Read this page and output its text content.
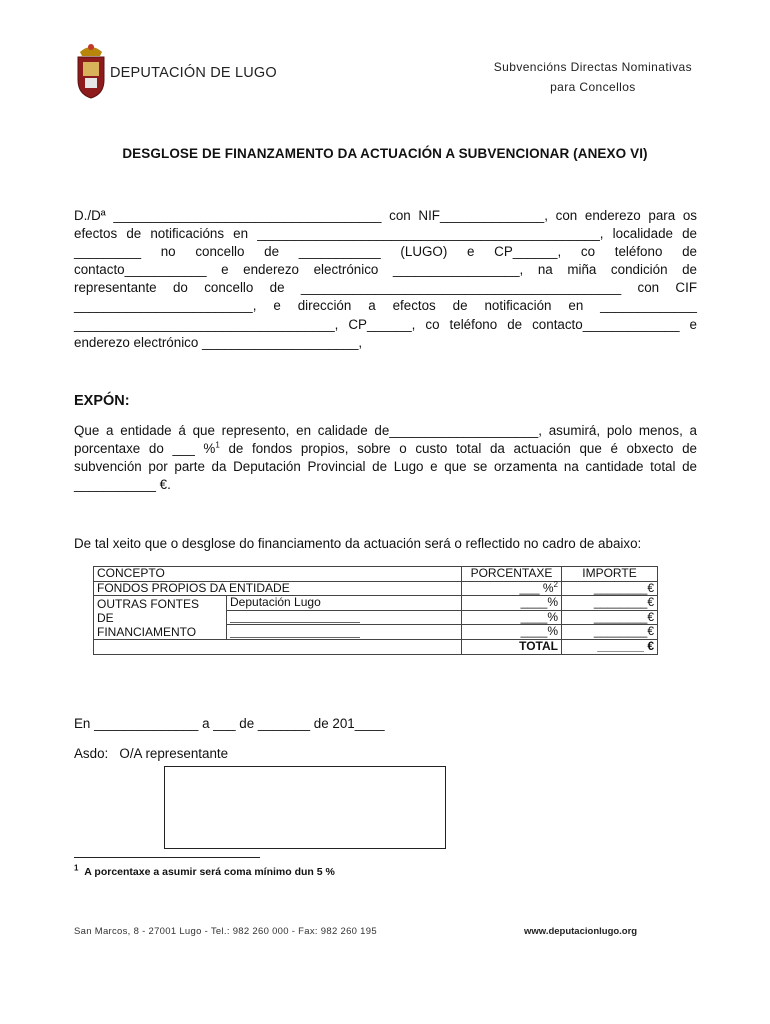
DEPUTACIÓN DE LUGO	Subvencións Directas Nominativas
para Concellos
DESGLOSE DE FINANZAMENTO DA ACTUACIÓN A SUBVENCIONAR (ANEXO VI)
D./Dª ____________________________________ con NIF______________, con enderezo para os
efectos de notificacións en ______________________________________________, localidade de
_________ no concello de ___________ (LUGO) e CP______, co teléfono de
contacto___________ e enderezo electrónico _________________, na miña condición de
representante do concello de ___________________________________________ con CIF
________________________, e dirección a efectos de notificación en _____________
___________________________________, CP______, co teléfono de contacto_____________ e
enderezo electrónico _____________________,
EXPÓN:
Que a entidade á que represento, en calidade de____________________, asumirá, polo menos, a
porcentaxe do ___ %$^1$ de fondos propios, sobre o custo total da actuación que é obxecto de
subvención por parte da Deputación Provincial de Lugo e que se orzamenta na cantidade total de
___________ €.
De tal xeito que o desglose do financiamento da actuación será o reflectido no cadro de abaixo:
CONCEPTO		PORCENTAXE	IMPORTE
FONDOS PROPIOS DA ENTIDADE		___ %$^2$	________€

OUTRAS FONTES
DE
FINANCIAMENTO	Deputación Lugo	____%	________€
		____%	________€
		____%	________€
		TOTAL	_______ €
En ______________ a ___ de _______ de 201____
Asdo:   O/A representante
$^1$ A porcentaxe a asumir será coma mínimo dun 5 %
San Marcos, 8 - 27001 Lugo - Tel.: 982 260 000 - Fax: 982 260 195	www.deputacionlugo.org
